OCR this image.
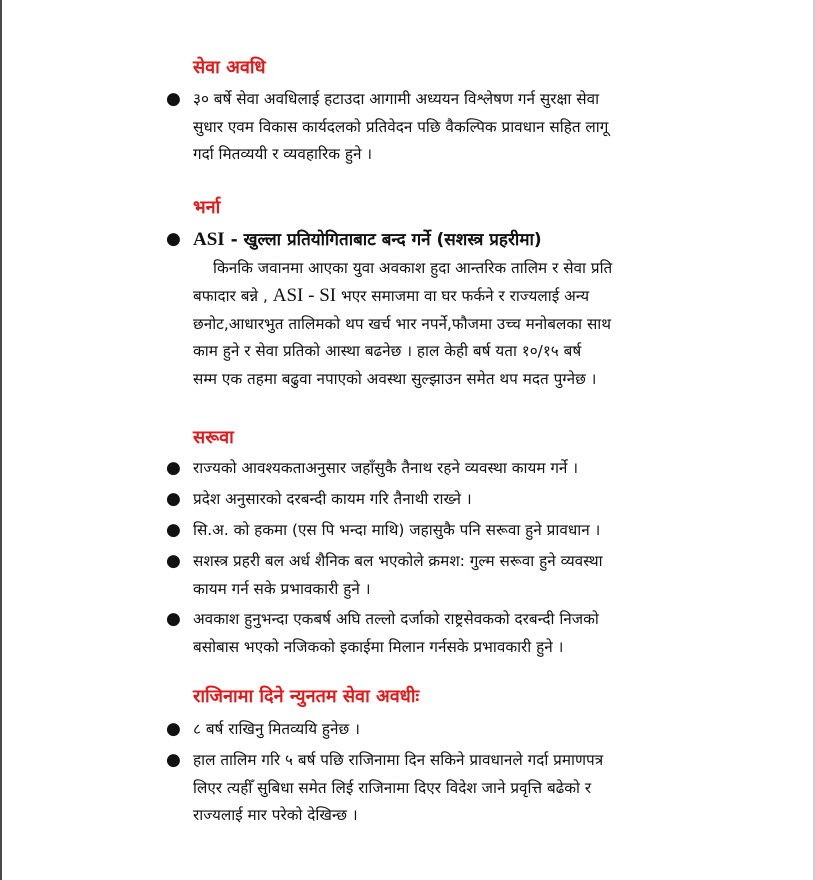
सेवा अवधि
● ३० बर्षे सेवा अवधिलाई हटाउदा आगामी अध्ययन विश्लेषण गर्न सुरक्षा सेवा
सुधार एवम विकास कार्यदलको प्रतिवेदन पछि वैकल्पिक प्रावधान सहित लागू
गर्दा मितव्ययी र व्यवहारिक हुने ।

भर्ना
● ASI - खुल्ला प्रतियोगिताबाट बन्द गर्ने (सशस्त्र प्रहरीमा)
किनकि जवानमा आएका युवा अवकाश हुदा आन्तरिक तालिम र सेवा प्रति
बफादार बन्ने , ASI - SI भएर समाजमा वा घर फर्कने र राज्यलाई अन्य
छनोट,आधारभुत तालिमको थप खर्च भार नपर्ने,फौजमा उच्च मनोबलका साथ
काम हुने र सेवा प्रतिको आस्था बढनेछ । हाल केही बर्ष यता १०/१५ बर्ष
सम्म एक तहमा बढुवा नपाएको अवस्था सुल्झाउन समेत थप मदत पुग्नेछ ।

सरूवा
● राज्यको आवश्यकताअनुसार जहाँसुकै तैनाथ रहने व्यवस्था कायम गर्ने ।

● प्रदेश अनुसारको दरबन्दी कायम गरि तैनाथी राख्ने ।

● सि.अ. को हकमा (एस पि भन्दा माथि) जहासुकै पनि सरूवा हुने प्रावधान ।

● सशस्त्र प्रहरी बल अर्ध शैनिक बल भएकोले क्रमश: गुल्म सरूवा हुने व्यवस्था
कायम गर्न सके प्रभावकारी हुने ।

● अवकाश हुनुभन्दा एकबर्ष अघि तल्लो दर्जाको राष्ट्रसेवकको दरबन्दी निजको
बसोबास भएको नजिकको इकाईमा मिलान गर्नसके प्रभावकारी हुने ।

राजिनामा दिने न्युनतम सेवा अवधीः
● ८ बर्ष राखिनु मितव्ययि हुनेछ ।

● हाल तालिम गरि ५ बर्ष पछि राजिनामा दिन सकिने प्रावधानले गर्दा प्रमाणपत्र
लिएर त्यहीँ सुबिधा समेत लिई राजिनामा दिएर विदेश जाने प्रवृत्ति बढेको र
राज्यलाई मार परेको देखिन्छ ।
